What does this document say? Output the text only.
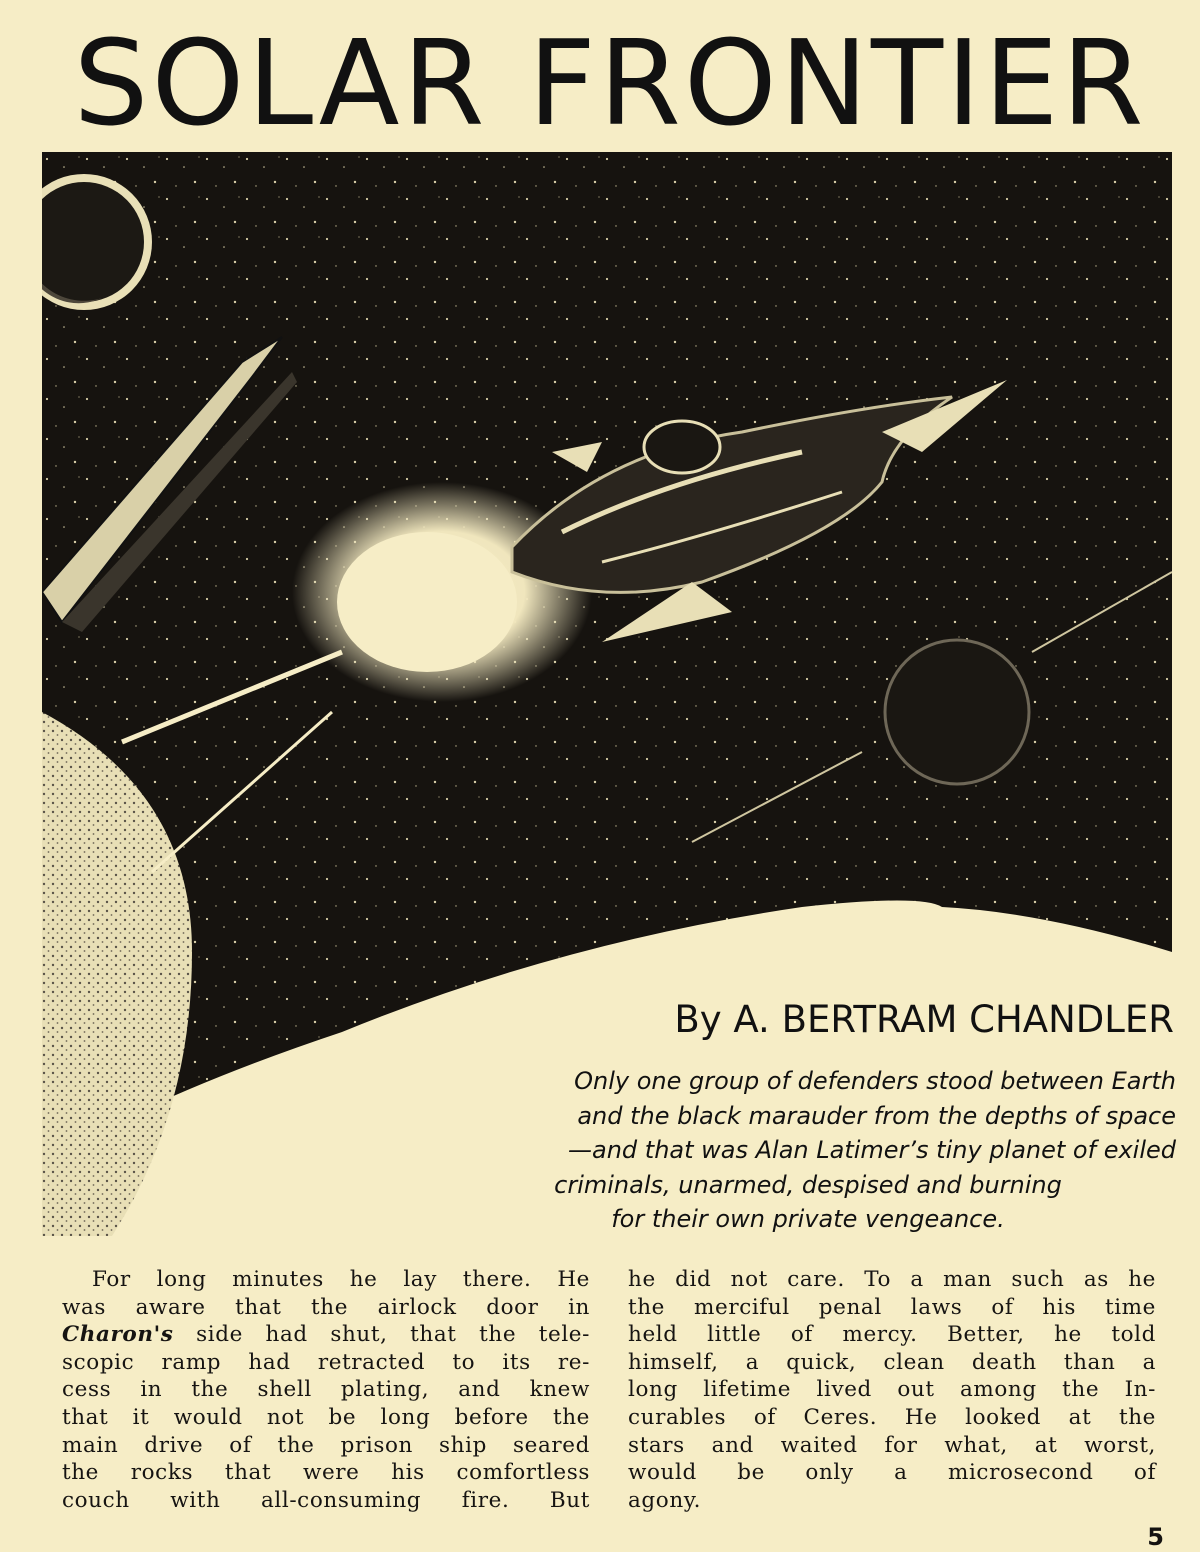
SOLAR FRONTIER
By A. BERTRAM CHANDLER
Only one group of defenders stood between Earth
and the black marauder from the depths of space
—and that was Alan Latimer’s tiny planet of exiled
criminals, unarmed, despised and burning
for their own private vengeance.
For long minutes he lay there. He
was aware that the airlock door in
Charon's side had shut, that the tele-
scopic ramp had retracted to its re-
cess in the shell plating, and knew
that it would not be long before the
main drive of the prison ship seared
the rocks that were his comfortless
couch with all-consuming fire. But
he did not care. To a man such as he
the merciful penal laws of his time
held little of mercy. Better, he told
himself, a quick, clean death than a
long lifetime lived out among the In-
curables of Ceres. He looked at the
stars and waited for what, at worst,
would be only a microsecond of
agony.
5
